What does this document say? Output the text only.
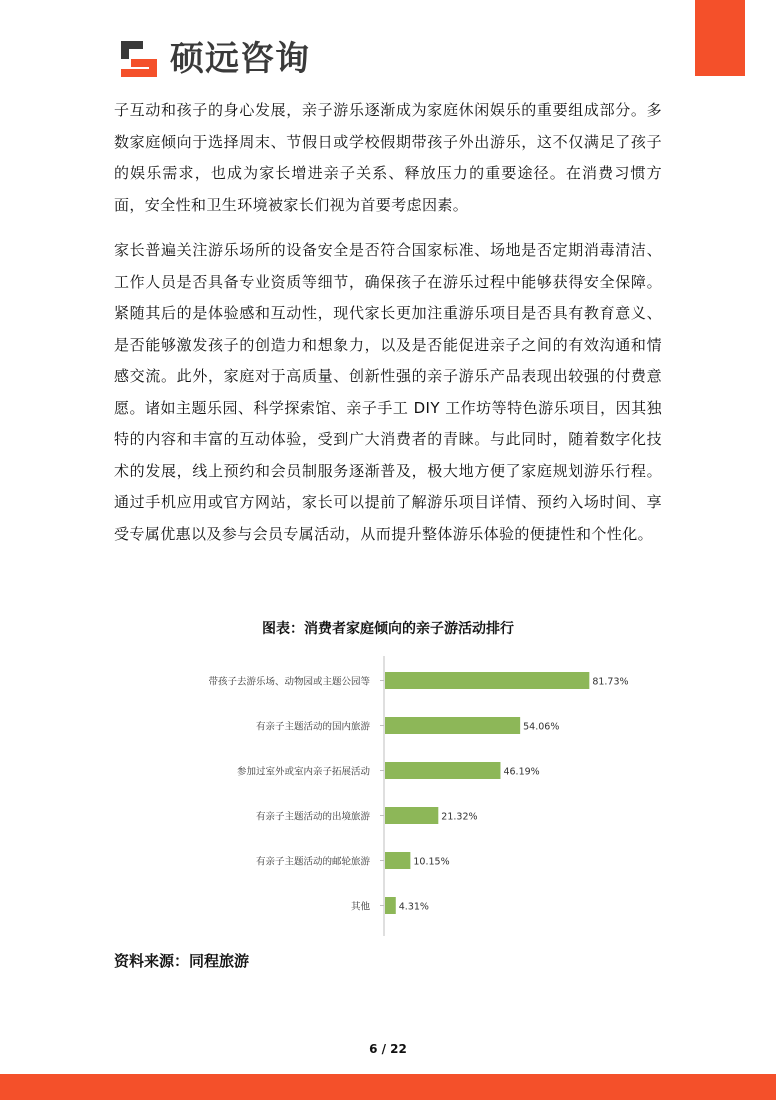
硕远咨询

子互动和孩子的身心发展，亲子游乐逐渐成为家庭休闲娱乐的重要组成部分。多数家庭倾向于选择周末、节假日或学校假期带孩子外出游乐，这不仅满足了孩子的娱乐需求，也成为家长增进亲子关系、释放压力的重要途径。在消费习惯方面，安全性和卫生环境被家长们视为首要考虑因素。

家长普遍关注游乐场所的设备安全是否符合国家标准、场地是否定期消毒清洁、工作人员是否具备专业资质等细节，确保孩子在游乐过程中能够获得安全保障。紧随其后的是体验感和互动性，现代家长更加注重游乐项目是否具有教育意义、是否能够激发孩子的创造力和想象力，以及是否能促进亲子之间的有效沟通和情感交流。此外，家庭对于高质量、创新性强的亲子游乐产品表现出较强的付费意愿。诸如主题乐园、科学探索馆、亲子手工 DIY 工作坊等特色游乐项目，因其独特的内容和丰富的互动体验，受到广大消费者的青睐。与此同时，随着数字化技术的发展，线上预约和会员制服务逐渐普及，极大地方便了家庭规划游乐行程。通过手机应用或官方网站，家长可以提前了解游乐项目详情、预约入场时间、享受专属优惠以及参与会员专属活动，从而提升整体游乐体验的便捷性和个性化。

图表：消费者家庭倾向的亲子游活动排行
带孩子去游乐场、动物园或主题公园等	81.73%
有亲子主题活动的国内旅游	54.06%
参加过室外或室内亲子拓展活动	46.19%
有亲子主题活动的出境旅游	21.32%
有亲子主题活动的邮轮旅游	10.15%
其他	4.31%
资料来源：同程旅游
6 / 22
